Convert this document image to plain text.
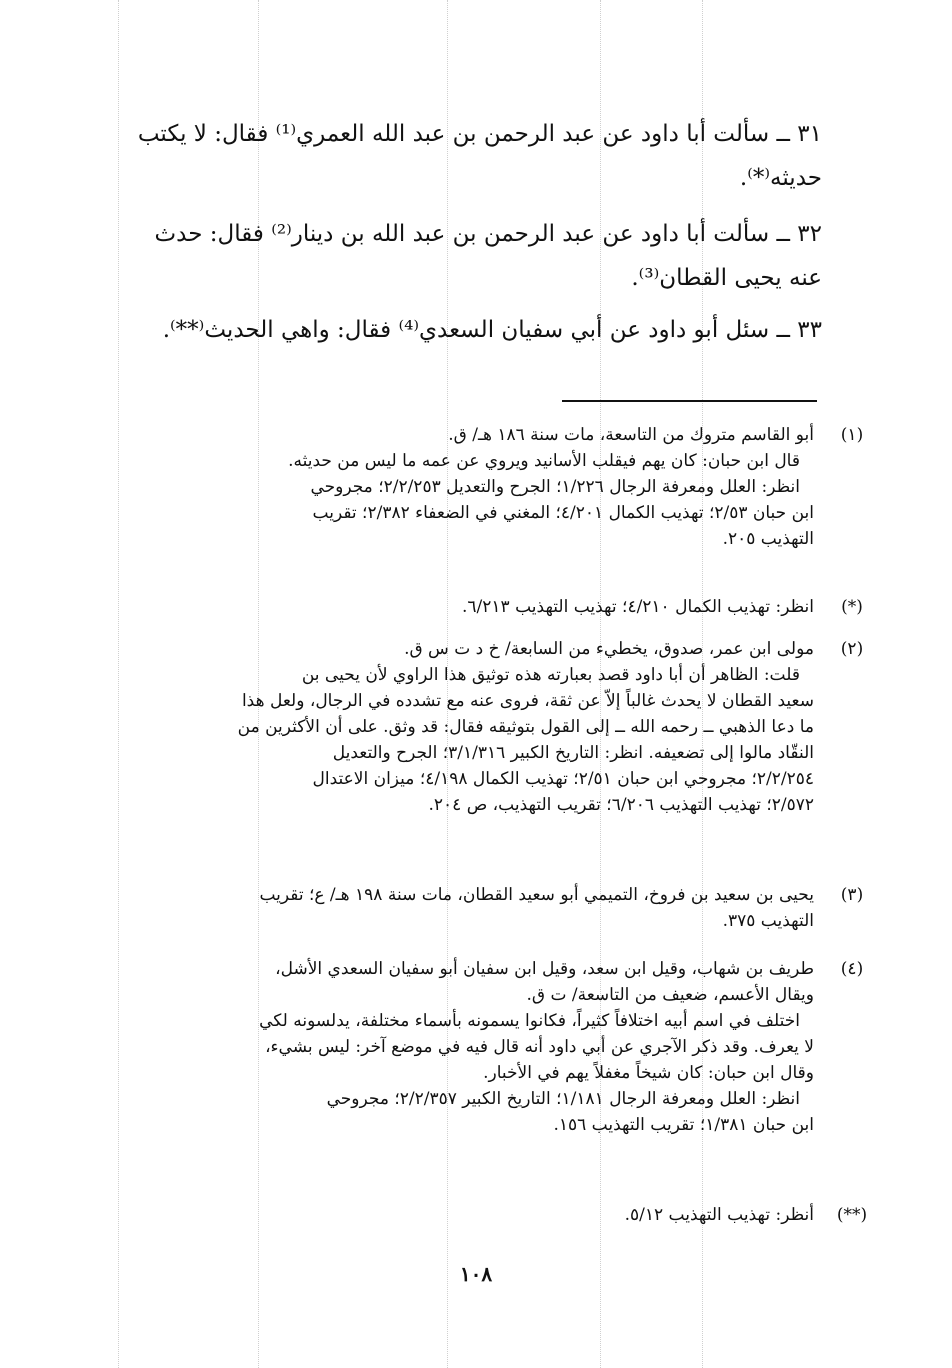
٣١ ــ سألت أبا داود عن عبد الرحمن بن عبد الله العمري⁽¹⁾ فقال: لا يكتب
حديثه⁽*⁾.
٣٢ ــ سألت أبا داود عن عبد الرحمن بن عبد الله بن دينار⁽²⁾ فقال: حدث
عنه يحيى القطان⁽³⁾.
٣٣ ــ سئل أبو داود عن أبي سفيان السعدي⁽⁴⁾ فقال: واهي الحديث⁽**⁾.
(١)
أبو القاسم متروك من التاسعة، مات سنة ١٨٦ هـ/ ق.
قال ابن حبان: كان يهم فيقلب الأسانيد ويروي عن عمه ما ليس من حديثه.
انظر: العلل ومعرفة الرجال ١/٢٢٦؛ الجرح والتعديل ٢/٢/٢٥٣؛ مجروحي
ابن حبان ٢/٥٣؛ تهذيب الكمال ٤/٢٠١؛ المغني في الضعفاء ٢/٣٨٢؛ تقريب
التهذيب ٢٠٥.
(*)
انظر: تهذيب الكمال ٤/٢١٠؛ تهذيب التهذيب ٦/٢١٣.
(٢)
مولى ابن عمر، صدوق، يخطيء من السابعة/ خ د ت س ق.
قلت: الظاهر أن أبا داود قصد بعبارته هذه توثيق هذا الراوي لأن يحيى بن
سعيد القطان لا يحدث غالباً إلاّ عن ثقة، فروى عنه مع تشدده في الرجال، ولعل هذا
ما دعا الذهبي ــ رحمه الله ــ إلى القول بتوثيقه فقال: قد وثق. على أن الأكثرين من
النقّاد مالوا إلى تضعيفه. انظر: التاريخ الكبير ٣/١/٣١٦؛ الجرح والتعديل
٢/٢/٢٥٤؛ مجروحي ابن حبان ٢/٥١؛ تهذيب الكمال ٤/١٩٨؛ ميزان الاعتدال
٢/٥٧٢؛ تهذيب التهذيب ٦/٢٠٦؛ تقريب التهذيب، ص ٢٠٤.
(٣)
يحيى بن سعيد بن فروخ، التميمي أبو سعيد القطان، مات سنة ١٩٨ هـ/ ع؛ تقريب
التهذيب ٣٧٥.
(٤)
طريف بن شهاب، وقيل ابن سعد، وقيل ابن سفيان أبو سفيان السعدي الأشل،
ويقال الأعسم، ضعيف من التاسعة/ ت ق.
اختلف في اسم أبيه اختلافاً كثيراً، فكانوا يسمونه بأسماء مختلفة، يدلسونه لكي
لا يعرف. وقد ذكر الآجري عن أبي داود أنه قال فيه في موضع آخر: ليس بشيء،
وقال ابن حبان: كان شيخاً مغفلاً يهم في الأخبار.
انظر: العلل ومعرفة الرجال ١/١٨١؛ التاريخ الكبير ٢/٢/٣٥٧؛ مجروحي
ابن حبان ١/٣٨١؛ تقريب التهذيب ١٥٦.
(**)
أنظر: تهذيب التهذيب ٥/١٢.
١٠٨
